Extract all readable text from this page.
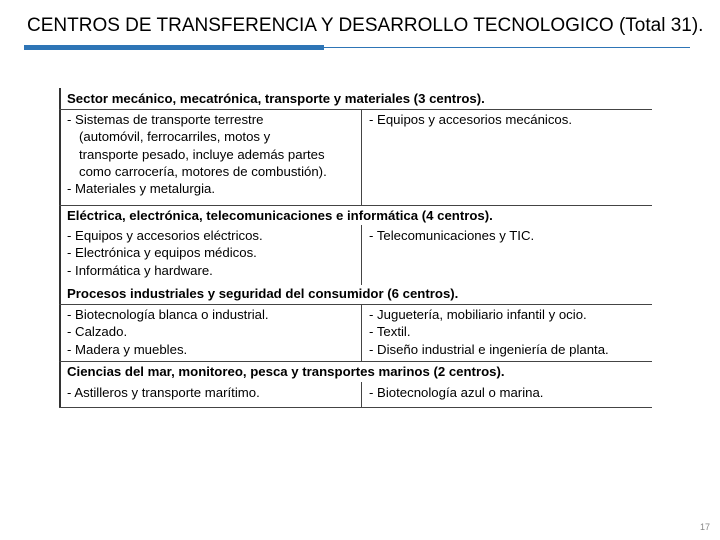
CENTROS DE TRANSFERENCIA Y DESARROLLO TECNOLOGICO (Total 31).
Sector mecánico, mecatrónica, transporte y materiales (3 centros).
- Sistemas de transporte terrestre
(automóvil, ferrocarriles, motos y
transporte pesado, incluye además partes
como carrocería, motores de combustión).
- Materiales y metalurgia.
- Equipos y accesorios mecánicos.
Eléctrica, electrónica, telecomunicaciones e informática (4 centros).
- Equipos y accesorios eléctricos.
- Electrónica y equipos médicos.
- Informática y hardware.
- Telecomunicaciones y TIC.
Procesos industriales y seguridad del consumidor (6 centros).
- Biotecnología blanca o industrial.
- Calzado.
- Madera y muebles.
- Juguetería, mobiliario infantil y ocio.
- Textil.
- Diseño industrial e ingeniería de planta.
Ciencias del mar, monitoreo, pesca y transportes marinos (2 centros).
- Astilleros y transporte marítimo.	- Biotecnología azul o marina.
17
